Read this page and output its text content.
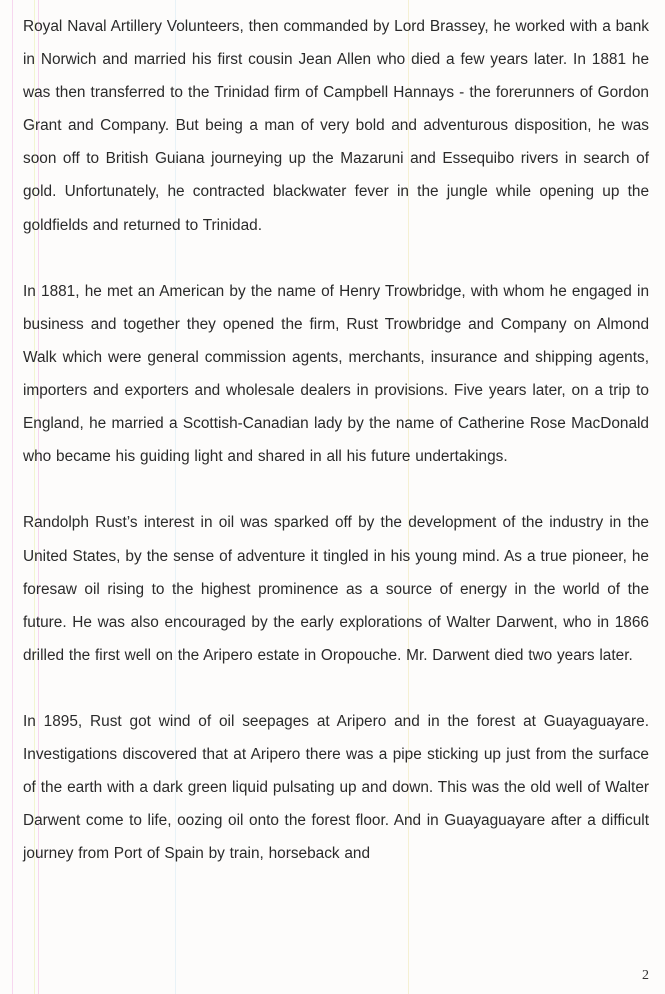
Royal Naval Artillery Volunteers, then commanded by Lord Brassey, he worked with a bank in Norwich and married his first cousin Jean Allen who died a few years later. In 1881 he was then transferred to the Trinidad firm of Campbell Hannays - the forerunners of Gordon Grant and Company. But being a man of very bold and adventurous disposition, he was soon off to British Guiana journeying up the Mazaruni and Essequibo rivers in search of gold. Unfortunately, he contracted blackwater fever in the jungle while opening up the goldfields and returned to Trinidad.

In 1881, he met an American by the name of Henry Trowbridge, with whom he engaged in business and together they opened the firm, Rust Trowbridge and Company on Almond Walk which were general commission agents, merchants, insurance and shipping agents, importers and exporters and wholesale dealers in provisions. Five years later, on a trip to England, he married a Scottish-Canadian lady by the name of Catherine Rose MacDonald who became his guiding light and shared in all his future undertakings.

Randolph Rust’s interest in oil was sparked off by the development of the industry in the United States, by the sense of adventure it tingled in his young mind. As a true pioneer, he foresaw oil rising to the highest prominence as a source of energy in the world of the future. He was also encouraged by the early explorations of Walter Darwent, who in 1866 drilled the first well on the Aripero estate in Oropouche. Mr. Darwent died two years later.

In 1895, Rust got wind of oil seepages at Aripero and in the forest at Guayaguayare. Investigations discovered that at Aripero there was a pipe sticking up just from the surface of the earth with a dark green liquid pulsating up and down. This was the old well of Walter Darwent come to life, oozing oil onto the forest floor. And in Guayaguayare after a difficult journey from Port of Spain by train, horseback and

2
